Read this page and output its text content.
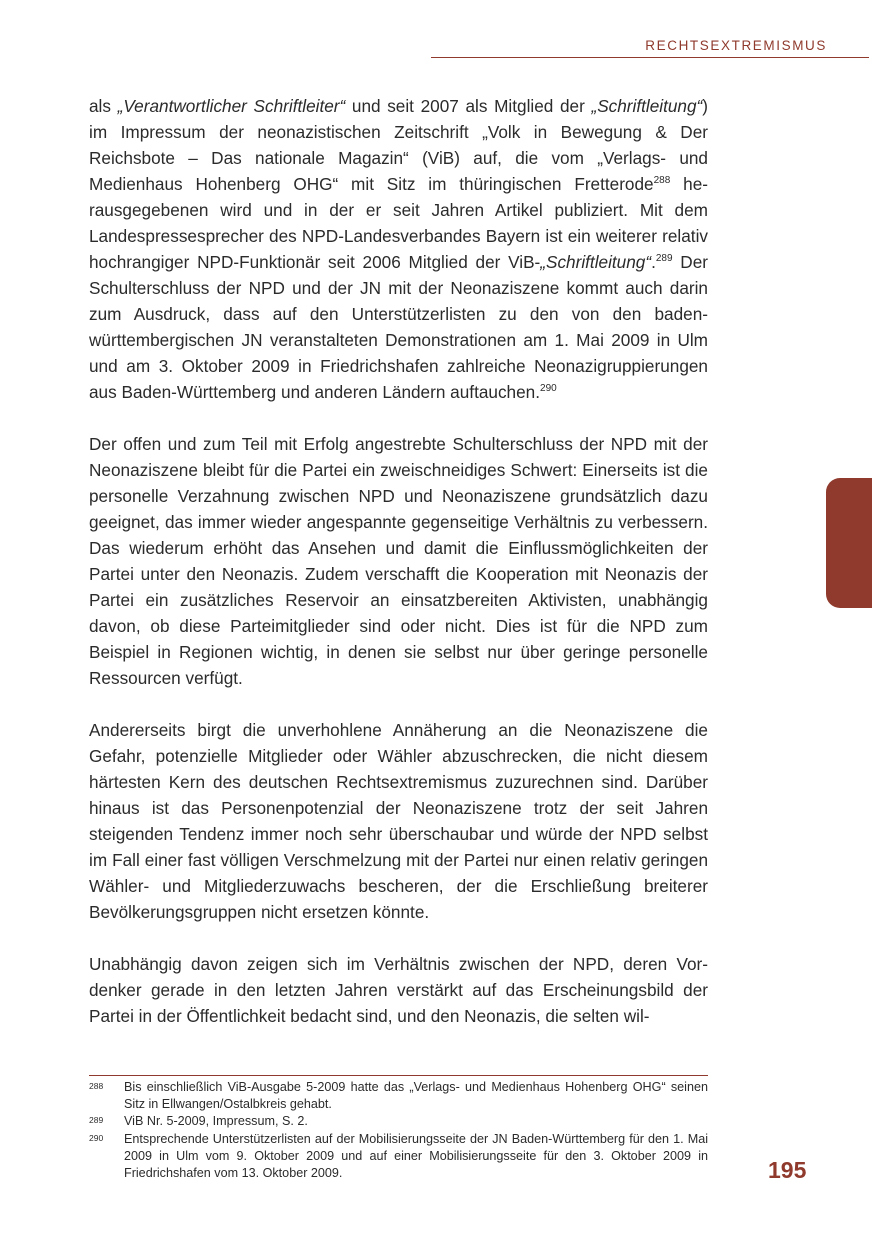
RECHTSEXTREMISMUS

als „Verantwortlicher Schriftleiter“ und seit 2007 als Mitglied der „Schriftleitung“) im Impressum der neonazistischen Zeitschrift „Volk in Bewegung & Der Reichsbote – Das nationale Magazin“ (ViB) auf, die vom „Verlags- und Medienhaus Hohenberg OHG“ mit Sitz im thüringischen Fretterode$^{288}$ herausgegebenen wird und in der er seit Jahren Artikel publiziert. Mit dem Landespressesprecher des NPD-Landesverbandes Bayern ist ein weiterer relativ hochrangiger NPD-Funktionär seit 2006 Mitglied der ViB-„Schriftleitung“.$^{289}$ Der Schulterschluss der NPD und der JN mit der Neonaziszene kommt auch darin zum Ausdruck, dass auf den Unterstützerlisten zu den von den baden-württembergischen JN veranstalteten Demonstrationen am 1. Mai 2009 in Ulm und am 3. Oktober 2009 in Friedrichshafen zahlreiche Neonazigruppierungen aus Baden-Württemberg und anderen Ländern auftauchen.$^{290}$

Der offen und zum Teil mit Erfolg angestrebte Schulterschluss der NPD mit der Neonaziszene bleibt für die Partei ein zweischneidiges Schwert: Einerseits ist die personelle Verzahnung zwischen NPD und Neonaziszene grundsätzlich dazu geeignet, das immer wieder angespannte gegenseitige Verhältnis zu verbessern. Das wiederum erhöht das Ansehen und damit die Einflussmöglichkeiten der Partei unter den Neonazis. Zudem verschafft die Kooperation mit Neonazis der Partei ein zusätzliches Reservoir an einsatzbereiten Aktivisten, unabhängig davon, ob diese Parteimitglieder sind oder nicht. Dies ist für die NPD zum Beispiel in Regionen wichtig, in denen sie selbst nur über geringe personelle Ressourcen verfügt.

Andererseits birgt die unverhohlene Annäherung an die Neonaziszene die Gefahr, potenzielle Mitglieder oder Wähler abzuschrecken, die nicht diesem härtesten Kern des deutschen Rechtsextremismus zuzurechnen sind. Darüber hinaus ist das Personenpotenzial der Neonaziszene trotz der seit Jahren steigenden Tendenz immer noch sehr überschaubar und würde der NPD selbst im Fall einer fast völligen Verschmelzung mit der Partei nur einen relativ geringen Wähler- und Mitgliederzuwachs bescheren, der die Erschließung breiterer Bevölkerungsgruppen nicht ersetzen könnte.

Unabhängig davon zeigen sich im Verhältnis zwischen der NPD, deren Vordenker gerade in den letzten Jahren verstärkt auf das Erscheinungsbild der Partei in der Öffentlichkeit bedacht sind, und den Neonazis, die selten wil-

288 Bis einschließlich ViB-Ausgabe 5-2009 hatte das „Verlags- und Medienhaus Hohenberg OHG“ seinen Sitz in Ellwangen/Ostalbkreis gehabt.
289 ViB Nr. 5-2009, Impressum, S. 2.
290 Entsprechende Unterstützerlisten auf der Mobilisierungsseite der JN Baden-Württemberg für den 1. Mai 2009 in Ulm vom 9. Oktober 2009 und auf einer Mobilisierungsseite für den 3. Oktober 2009 in Friedrichshafen vom 13. Oktober 2009.	195
